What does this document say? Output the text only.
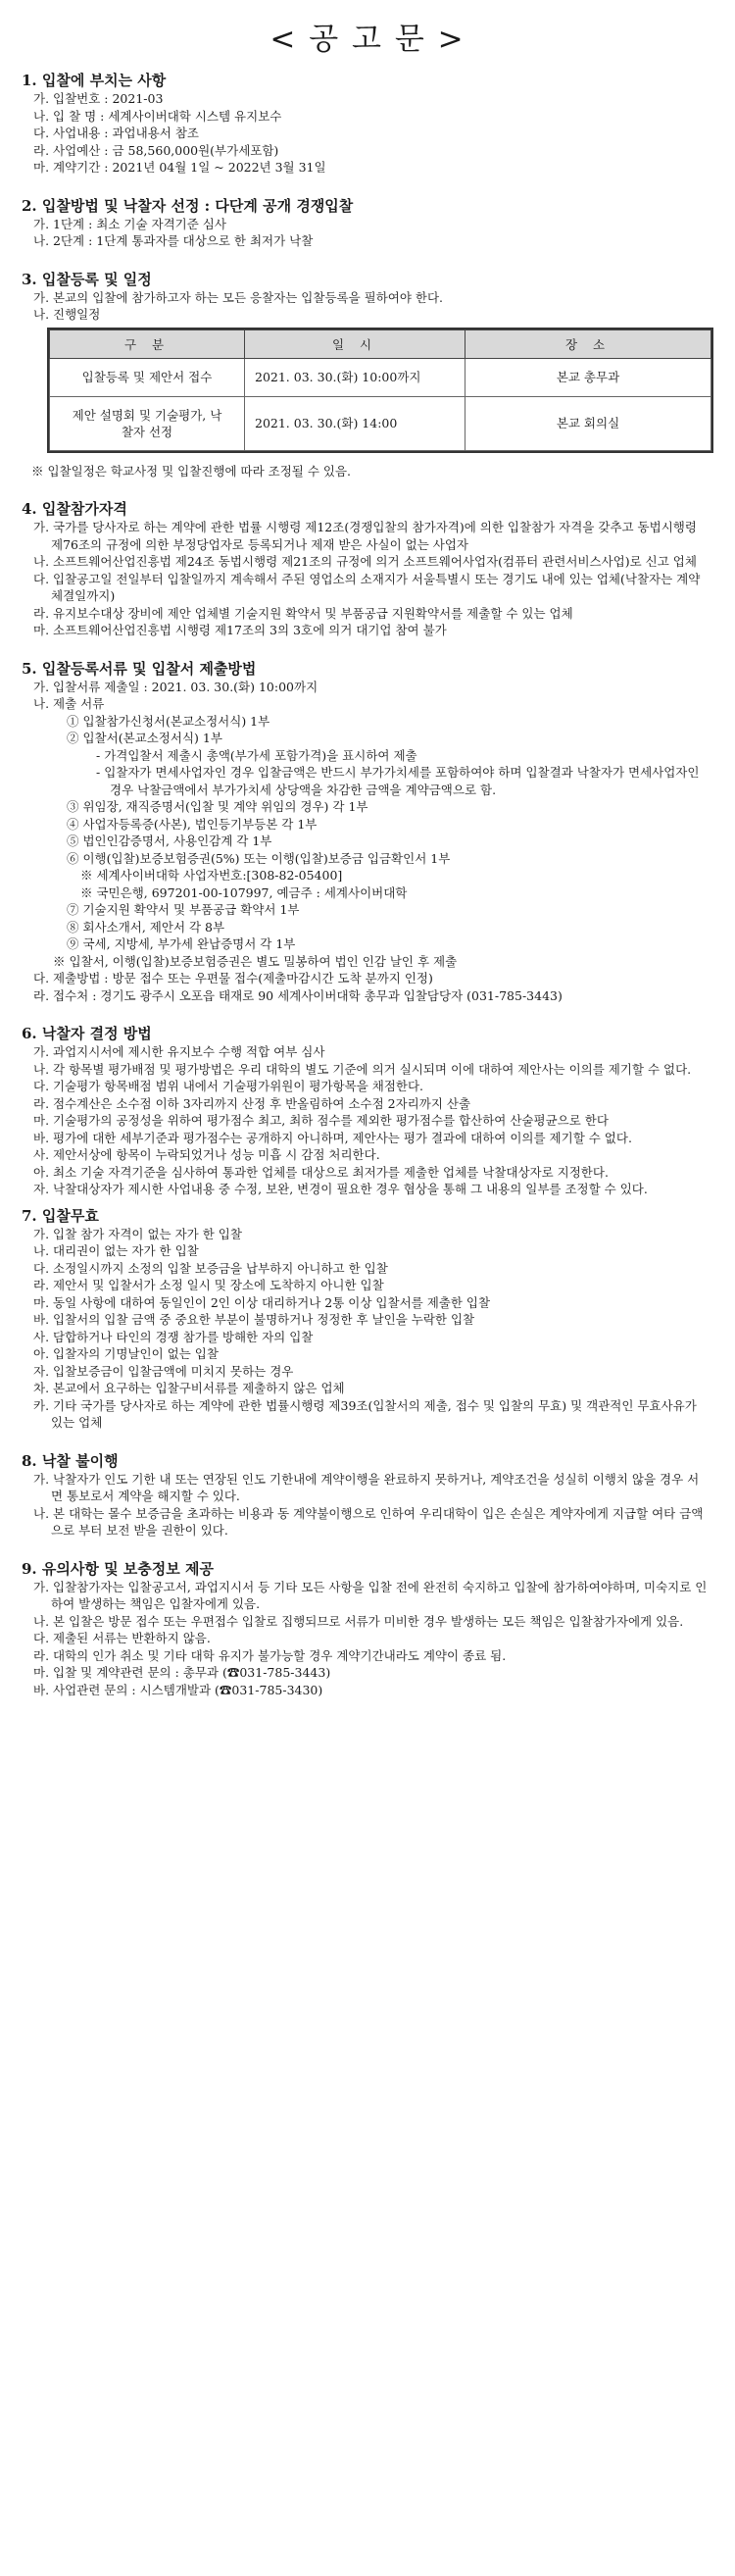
< 공 고 문 >

1. 입찰에 부치는 사항

가. 입찰번호 : 2021-03

나. 입 찰 명 : 세계사이버대학 시스템 유지보수

다. 사업내용 : 과업내용서 참조

라. 사업예산 : 금 58,560,000원(부가세포함)

마. 계약기간 : 2021년 04월 1일 ~ 2022년 3월 31일

2. 입찰방법 및 낙찰자 선정 : 다단계 공개 경쟁입찰

가. 1단계 : 최소 기술 자격기준 심사

나. 2단계 : 1단계 통과자를 대상으로 한 최저가 낙찰

3. 입찰등록 및 일정

가. 본교의 입찰에 참가하고자 하는 모든 응찰자는 입찰등록을 필하여야 한다.

나. 진행일정

구 분	일 시	장 소
입찰등록 및 제안서 접수	2021. 03. 30.(화) 10:00까지	본교 총무과
제안 설명회 및 기술평가, 낙찰자 선정	2021. 03. 30.(화) 14:00	본교 회의실

※ 입찰일정은 학교사정 및 입찰진행에 따라 조정될 수 있음.

4. 입찰참가자격

가. 국가를 당사자로 하는 계약에 관한 법률 시행령 제12조(경쟁입찰의 참가자격)에 의한 입찰참가 자격을 갖추고 동법시행령 제76조의 규정에 의한 부정당업자로 등록되거나 제재 받은 사실이 없는 사업자

나. 소프트웨어산업진흥법 제24조 동법시행령 제21조의 규정에 의거 소프트웨어사업자(컴퓨터 관련서비스사업)로 신고 업체

다. 입찰공고일 전일부터 입찰일까지 계속해서 주된 영업소의 소재지가 서울특별시 또는 경기도 내에 있는 업체(낙찰자는 계약체결일까지)

라. 유지보수대상 장비에 제안 업체별 기술지원 확약서 및 부품공급 지원확약서를 제출할 수 있는 업체

마. 소프트웨어산업진흥법 시행령 제17조의 3의 3호에 의거 대기업 참여 불가

5. 입찰등록서류 및 입찰서 제출방법

가. 입찰서류 제출일 : 2021. 03. 30.(화) 10:00까지

나. 제출 서류

① 입찰참가신청서(본교소정서식) 1부

② 입찰서(본교소정서식) 1부

- 가격입찰서 제출시 총액(부가세 포함가격)을 표시하여 제출

- 입찰자가 면세사업자인 경우 입찰금액은 반드시 부가가치세를 포함하여야 하며 입찰결과 낙찰자가 면세사업자인 경우 낙찰금액에서 부가가치세 상당액을 차감한 금액을 계약금액으로 함.

③ 위임장, 재직증명서(입찰 및 계약 위임의 경우) 각 1부

④ 사업자등록증(사본), 법인등기부등본 각 1부

⑤ 법인인감증명서, 사용인감계 각 1부

⑥ 이행(입찰)보증보험증권(5%) 또는 이행(입찰)보증금 입금확인서 1부

※ 세계사이버대학 사업자번호:[308-82-05400]

※ 국민은행, 697201-00-107997, 예금주 : 세계사이버대학

⑦ 기술지원 확약서 및 부품공급 확약서 1부

⑧ 회사소개서, 제안서 각 8부

⑨ 국세, 지방세, 부가세 완납증명서 각 1부

※ 입찰서, 이행(입찰)보증보험증권은 별도 밀봉하여 법인 인감 날인 후 제출

다. 제출방법 : 방문 접수 또는 우편물 접수(제출마감시간 도착 분까지 인정)

라. 접수처 : 경기도 광주시 오포읍 태재로 90 세계사이버대학 총무과 입찰담당자 (031-785-3443)

6. 낙찰자 결정 방법

가. 과업지시서에 제시한 유지보수 수행 적합 여부 심사

나. 각 항목별 평가배점 및 평가방법은 우리 대학의 별도 기준에 의거 실시되며 이에 대하여 제안사는 이의를 제기할 수 없다.

다. 기술평가 항목배점 범위 내에서 기술평가위원이 평가항목을 채점한다.

라. 점수계산은 소수점 이하 3자리까지 산정 후 반올림하여 소수점 2자리까지 산출

마. 기술평가의 공정성을 위하여 평가점수 최고, 최하 점수를 제외한 평가점수를 합산하여 산술평균으로 한다

바. 평가에 대한 세부기준과 평가점수는 공개하지 아니하며, 제안사는 평가 결과에 대하여 이의를 제기할 수 없다.

사. 제안서상에 항목이 누락되었거나 성능 미흡 시 감점 처리한다.

아. 최소 기술 자격기준을 심사하여 통과한 업체를 대상으로 최저가를 제출한 업체를 낙찰대상자로 지정한다.

자. 낙찰대상자가 제시한 사업내용 중 수정, 보완, 변경이 필요한 경우 협상을 통해 그 내용의 일부를 조정할 수 있다.

7. 입찰무효

가. 입찰 참가 자격이 없는 자가 한 입찰

나. 대리권이 없는 자가 한 입찰

다. 소정일시까지 소정의 입찰 보증금을 납부하지 아니하고 한 입찰

라. 제안서 및 입찰서가 소정 일시 및 장소에 도착하지 아니한 입찰

마. 동일 사항에 대하여 동일인이 2인 이상 대리하거나 2통 이상 입찰서를 제출한 입찰

바. 입찰서의 입찰 금액 중 중요한 부분이 불명하거나 정정한 후 날인을 누락한 입찰

사. 담합하거나 타인의 경쟁 참가를 방해한 자의 입찰

아. 입찰자의 기명날인이 없는 입찰

자. 입찰보증금이 입찰금액에 미치지 못하는 경우

차. 본교에서 요구하는 입찰구비서류를 제출하지 않은 업체

카. 기타 국가를 당사자로 하는 계약에 관한 법률시행령 제39조(입찰서의 제출, 접수 및 입찰의 무효) 및 객관적인 무효사유가 있는 업체

8. 낙찰 불이행

가. 낙찰자가 인도 기한 내 또는 연장된 인도 기한내에 계약이행을 완료하지 못하거나, 계약조건을 성실히 이행치 않을 경우 서면 통보로서 계약을 해지할 수 있다.

나. 본 대학는 몰수 보증금을 초과하는 비용과 동 계약불이행으로 인하여 우리대학이 입은 손실은 계약자에게 지급할 여타 금액으로 부터 보전 받을 권한이 있다.

9. 유의사항 및 보충정보 제공

가. 입찰참가자는 입찰공고서, 과업지시서 등 기타 모든 사항을 입찰 전에 완전히 숙지하고 입찰에 참가하여야하며, 미숙지로 인하여 발생하는 책임은 입찰자에게 있음.

나. 본 입찰은 방문 접수 또는 우편접수 입찰로 집행되므로 서류가 미비한 경우 발생하는 모든 책임은 입찰참가자에게 있음.

다. 제출된 서류는 반환하지 않음.

라. 대학의 인가 취소 및 기타 대학 유지가 불가능할 경우 계약기간내라도 계약이 종료 됨.

마. 입찰 및 계약관련 문의 : 총무과 (☎031-785-3443)

바. 사업관련 문의 : 시스템개발과 (☎031-785-3430)
